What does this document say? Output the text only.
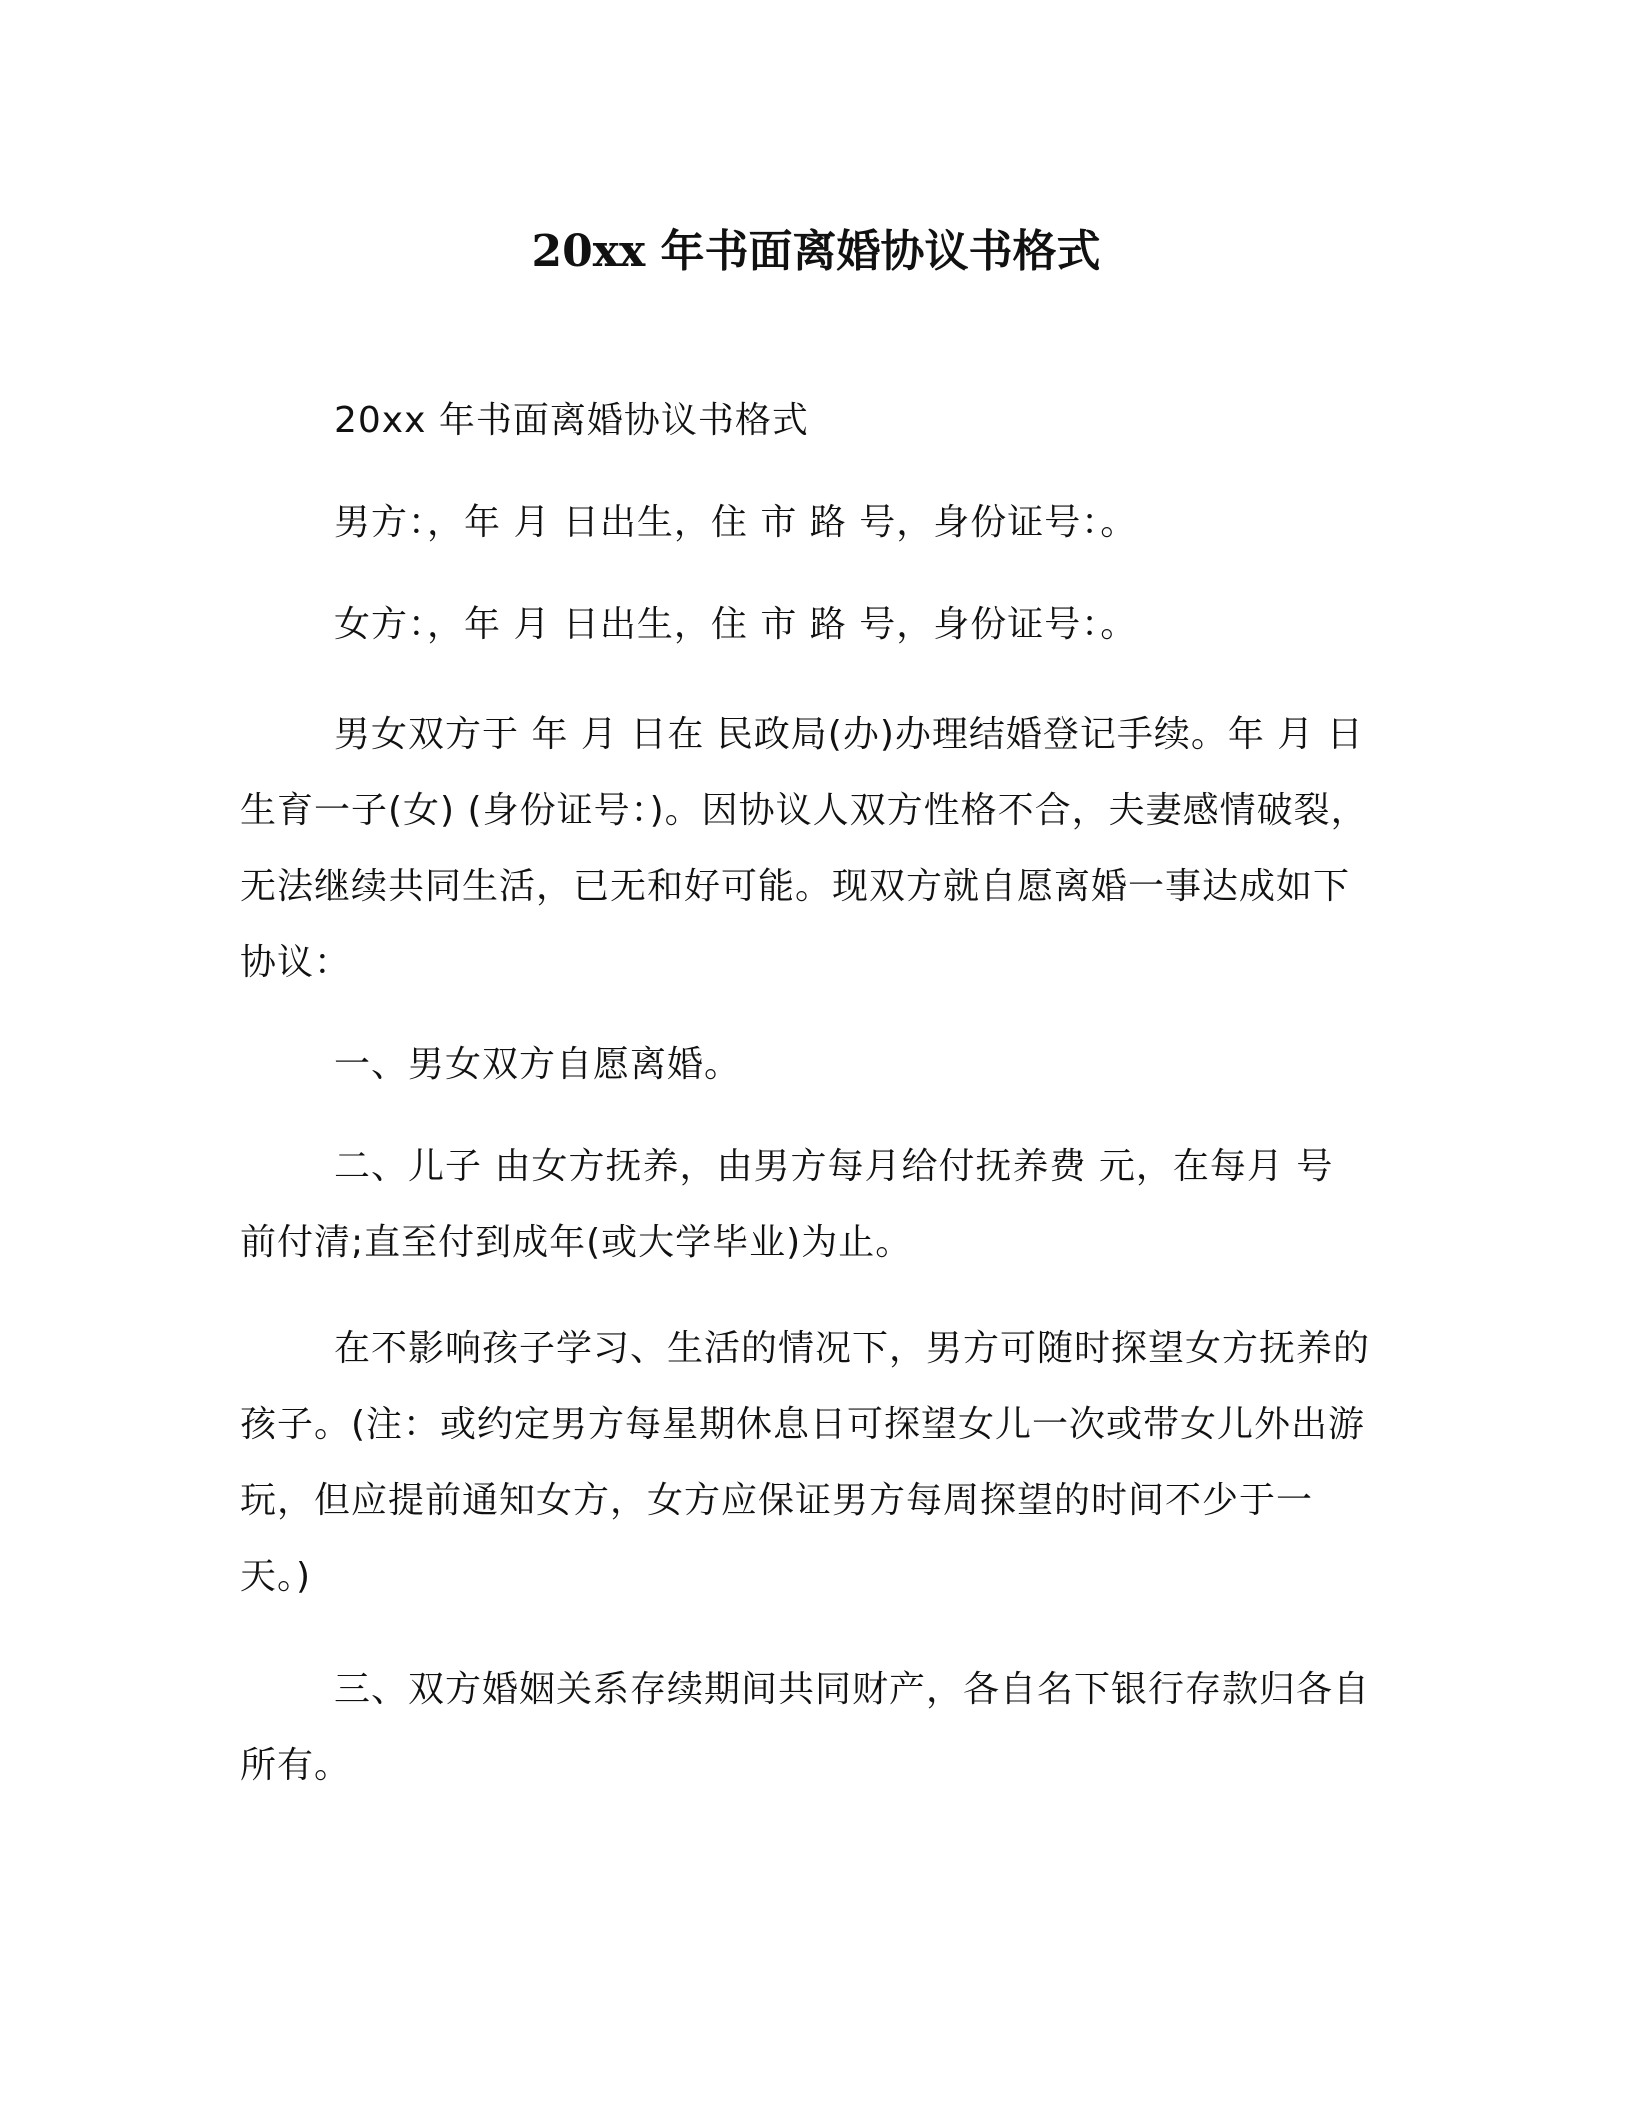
20xx 年书面离婚协议书格式

20xx 年书面离婚协议书格式

男方：，年 月 日出生，住 市 路 号，身份证号：。

女方：，年 月 日出生，住 市 路 号，身份证号：。

男女双方于 年 月 日在 民政局(办)办理结婚登记手续。年 月 日生育一子(女) (身份证号：)。因协议人双方性格不合，夫妻感情破裂，无法继续共同生活，已无和好可能。现双方就自愿离婚一事达成如下协议：

一、男女双方自愿离婚。

二、儿子 由女方抚养，由男方每月给付抚养费 元，在每月 号前付清;直至付到成年(或大学毕业)为止。

在不影响孩子学习、生活的情况下，男方可随时探望女方抚养的孩子。(注：或约定男方每星期休息日可探望女儿一次或带女儿外出游玩，但应提前通知女方，女方应保证男方每周探望的时间不少于一天。)

三、双方婚姻关系存续期间共同财产，各自名下银行存款归各自所有。
